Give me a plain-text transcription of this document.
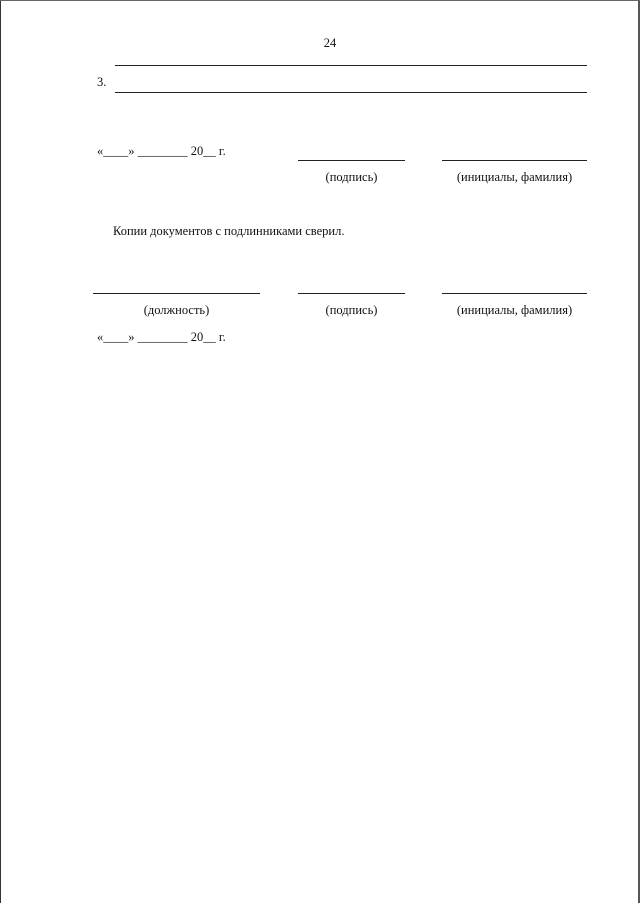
24
3.
«____» ________ 20__ г.
(подпись)	(инициалы, фамилия)
Копии документов с подлинниками сверил.
(должность)	(подпись)	(инициалы, фамилия)
«____» ________ 20__ г.
